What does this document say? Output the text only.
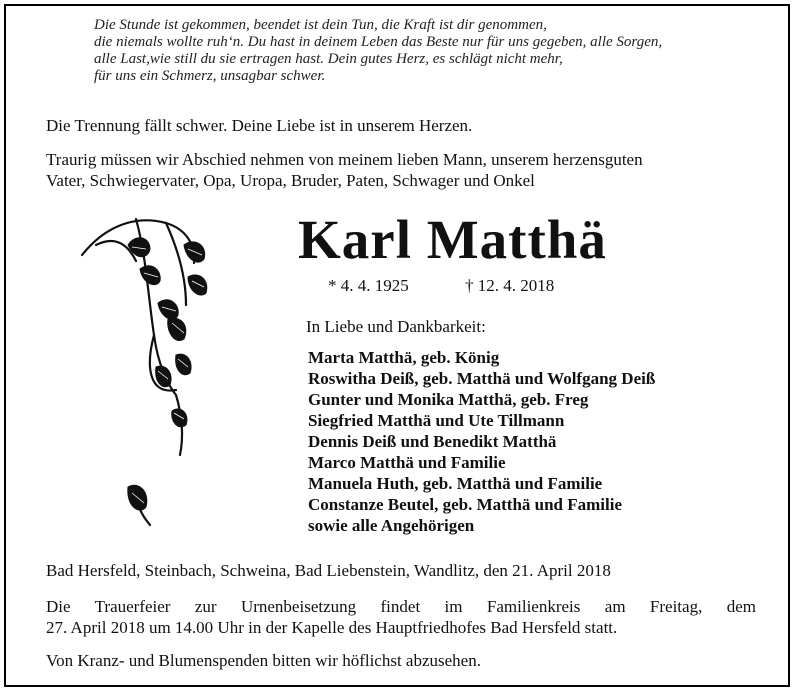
Die Stunde ist gekommen, beendet ist dein Tun, die Kraft ist dir genommen,
die niemals wollte ruh‘n. Du hast in deinem Leben das Beste nur für uns gegeben, alle Sorgen,
alle Last,wie still du sie ertragen hast. Dein gutes Herz, es schlägt nicht mehr,
für uns ein Schmerz, unsagbar schwer.
Die Trennung fällt schwer. Deine Liebe ist in unserem Herzen.
Traurig müssen wir Abschied nehmen von meinem lieben Mann, unserem herzensguten
Vater, Schwiegervater, Opa, Uropa, Bruder, Paten, Schwager und Onkel
Karl Matthä
* 4. 4. 1925	† 12. 4. 2018
In Liebe und Dankbarkeit:
Marta Matthä, geb. König
Roswitha Deiß, geb. Matthä und Wolfgang Deiß
Gunter und Monika Matthä, geb. Freg
Siegfried Matthä und Ute Tillmann
Dennis Deiß und Benedikt Matthä
Marco Matthä und Familie
Manuela Huth, geb. Matthä und Familie
Constanze Beutel, geb. Matthä und Familie
sowie alle Angehörigen
Bad Hersfeld, Steinbach, Schweina, Bad Liebenstein, Wandlitz, den 21. April 2018
Die Trauerfeier zur Urnenbeisetzung findet im Familienkreis am Freitag, dem
27. April 2018 um 14.00 Uhr in der Kapelle des Hauptfriedhofes Bad Hersfeld statt.
Von Kranz- und Blumenspenden bitten wir höflichst abzusehen.
